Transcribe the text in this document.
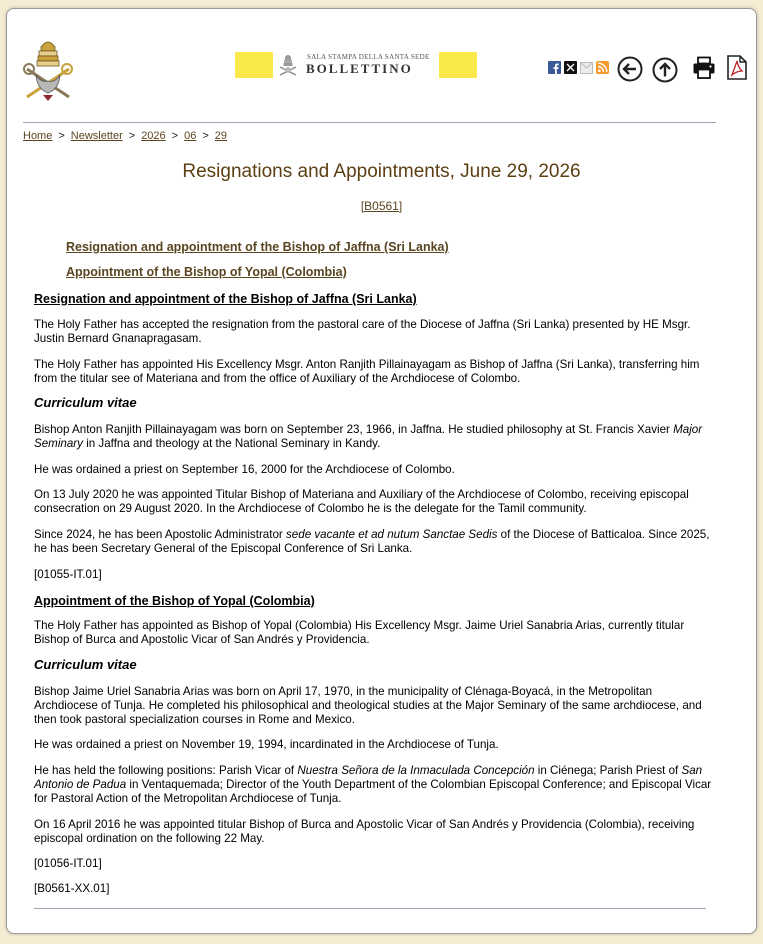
SALA STAMPA DELLA SANTA SEDE
BOLLETTINO
Home > Newsletter > 2026 > 06 > 29
Resignations and Appointments, June 29, 2026
[B0561]
Resignation and appointment of the Bishop of Jaffna (Sri Lanka)
Appointment of the Bishop of Yopal (Colombia)

Resignation and appointment of the Bishop of Jaffna (Sri Lanka)

The Holy Father has accepted the resignation from the pastoral care of the Diocese of Jaffna (Sri Lanka) presented by HE Msgr. Justin Bernard Gnanapragasam.

The Holy Father has appointed His Excellency Msgr. Anton Ranjith Pillainayagam as Bishop of Jaffna (Sri Lanka), transferring him from the titular see of Materiana and from the office of Auxiliary of the Archdiocese of Colombo.

Curriculum vitae

Bishop Anton Ranjith Pillainayagam was born on September 23, 1966, in Jaffna. He studied philosophy at St. Francis Xavier Major Seminary in Jaffna and theology at the National Seminary in Kandy.

He was ordained a priest on September 16, 2000 for the Archdiocese of Colombo.

On 13 July 2020 he was appointed Titular Bishop of Materiana and Auxiliary of the Archdiocese of Colombo, receiving episcopal consecration on 29 August 2020. In the Archdiocese of Colombo he is the delegate for the Tamil community.

Since 2024, he has been Apostolic Administrator sede vacante et ad nutum Sanctae Sedis of the Diocese of Batticaloa. Since 2025, he has been Secretary General of the Episcopal Conference of Sri Lanka.

[01055-IT.01]

Appointment of the Bishop of Yopal (Colombia)

The Holy Father has appointed as Bishop of Yopal (Colombia) His Excellency Msgr. Jaime Uriel Sanabria Arias, currently titular Bishop of Burca and Apostolic Vicar of San Andrés y Providencia.

Curriculum vitae

Bishop Jaime Uriel Sanabria Arias was born on April 17, 1970, in the municipality of Clénaga-Boyacá, in the Metropolitan Archdiocese of Tunja. He completed his philosophical and theological studies at the Major Seminary of the same archdiocese, and then took pastoral specialization courses in Rome and Mexico.

He was ordained a priest on November 19, 1994, incardinated in the Archdiocese of Tunja.

He has held the following positions: Parish Vicar of Nuestra Señora de la Inmaculada Concepción in Ciénega; Parish Priest of San Antonio de Padua in Ventaquemada; Director of the Youth Department of the Colombian Episcopal Conference; and Episcopal Vicar for Pastoral Action of the Metropolitan Archdiocese of Tunja.

On 16 April 2016 he was appointed titular Bishop of Burca and Apostolic Vicar of San Andrés y Providencia (Colombia), receiving episcopal ordination on the following 22 May.

[01056-IT.01]

[B0561-XX.01]
